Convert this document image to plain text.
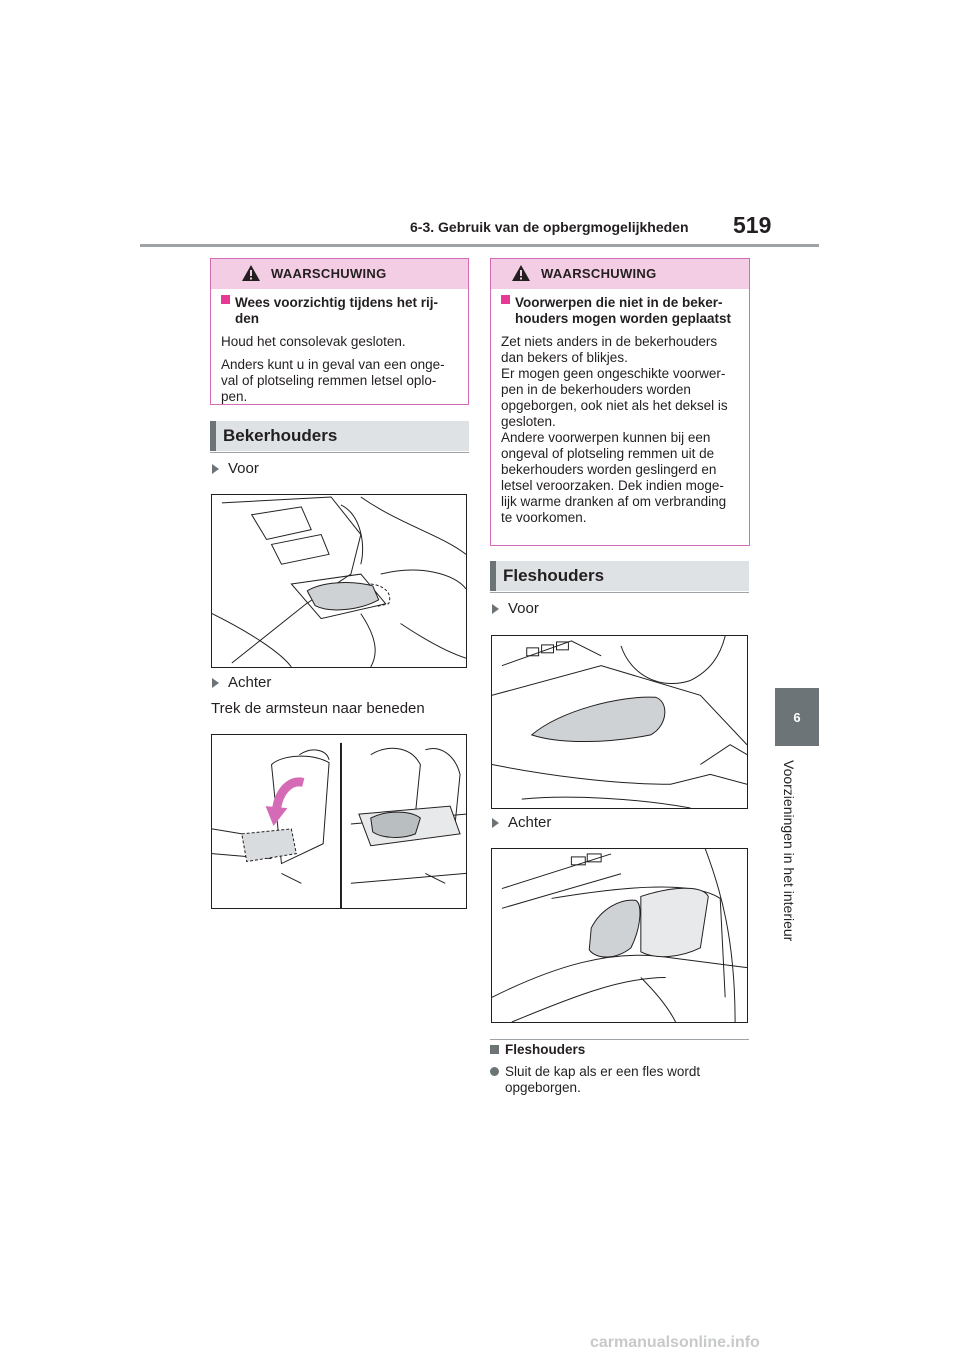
6-3. Gebruik van de opbergmogelijkheden 519
6
Voorzieningen in het interieur
WAARSCHUWING
Wees voorzichtig tijdens het rij-den
Houd het consolevak gesloten.
Anders kunt u in geval van een onge-val of plotseling remmen letsel oplo-pen.
Bekerhouders
Voor
Achter
Trek de armsteun naar beneden
WAARSCHUWING
Voorwerpen die niet in de beker-houders mogen worden geplaatst
Zet niets anders in de bekerhouders dan bekers of blikjes.
Er mogen geen ongeschikte voorwer-pen in de bekerhouders worden opgeborgen, ook niet als het deksel is gesloten.
Andere voorwerpen kunnen bij een ongeval of plotseling remmen uit de bekerhouders worden geslingerd en letsel veroorzaken. Dek indien moge-lijk warme dranken af om verbranding te voorkomen.
Fleshouders
Voor
Achter
Fleshouders
Sluit de kap als er een fles wordt opgeborgen.
carmanualsonline.info
